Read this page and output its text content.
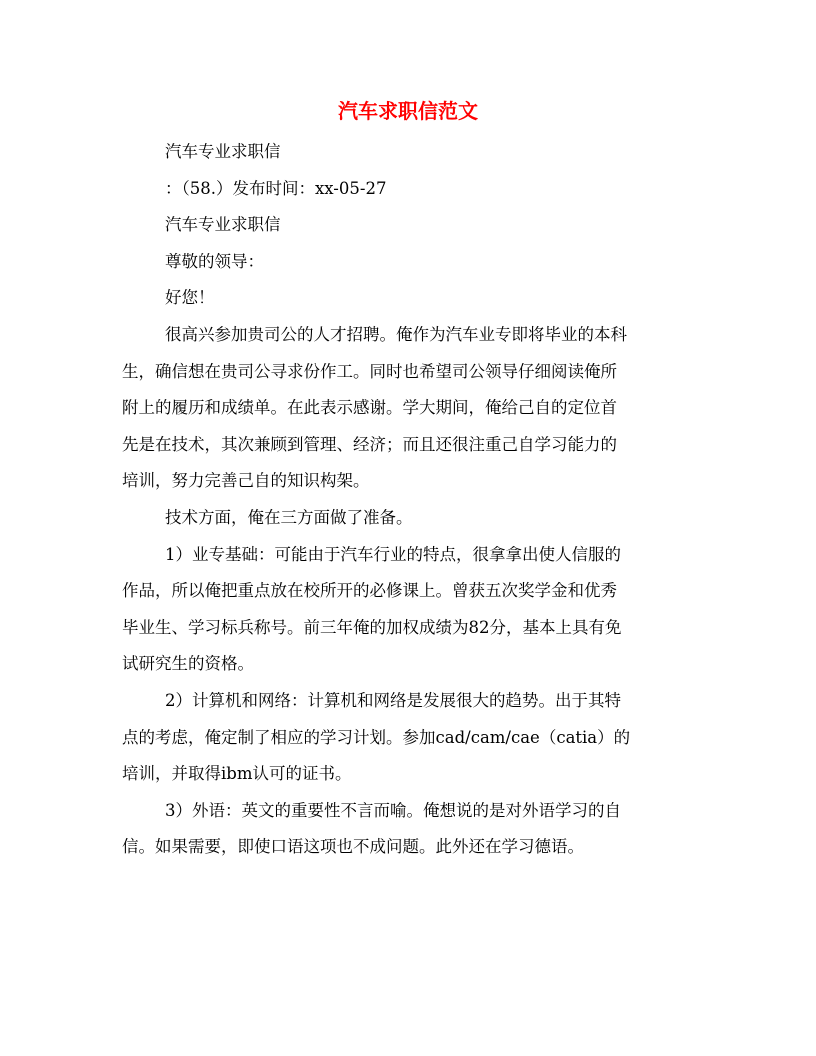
汽车求职信范文
汽车专业求职信
：（58.）发布时间：xx-05-27
汽车专业求职信
尊敬的领导：
好您！
很高兴参加贵司公的人才招聘。俺作为汽车业专即将毕业的本科
生，确信想在贵司公寻求份作工。同时也希望司公领导仔细阅读俺所
附上的履历和成绩单。在此表示感谢。学大期间，俺给己自的定位首
先是在技术，其次兼顾到管理、经济；而且还很注重己自学习能力的
培训，努力完善己自的知识构架。
技术方面，俺在三方面做了准备。
1）业专基础：可能由于汽车行业的特点，很拿拿出使人信服的
作品，所以俺把重点放在校所开的必修课上。曾获五次奖学金和优秀
毕业生、学习标兵称号。前三年俺的加权成绩为82分，基本上具有免
试研究生的资格。
2）计算机和网络：计算机和网络是发展很大的趋势。出于其特
点的考虑，俺定制了相应的学习计划。参加cad/cam/cae（catia）的
培训，并取得ibm认可的证书。
3）外语：英文的重要性不言而喻。俺想说的是对外语学习的自
信。如果需要，即使口语这项也不成问题。此外还在学习德语。
